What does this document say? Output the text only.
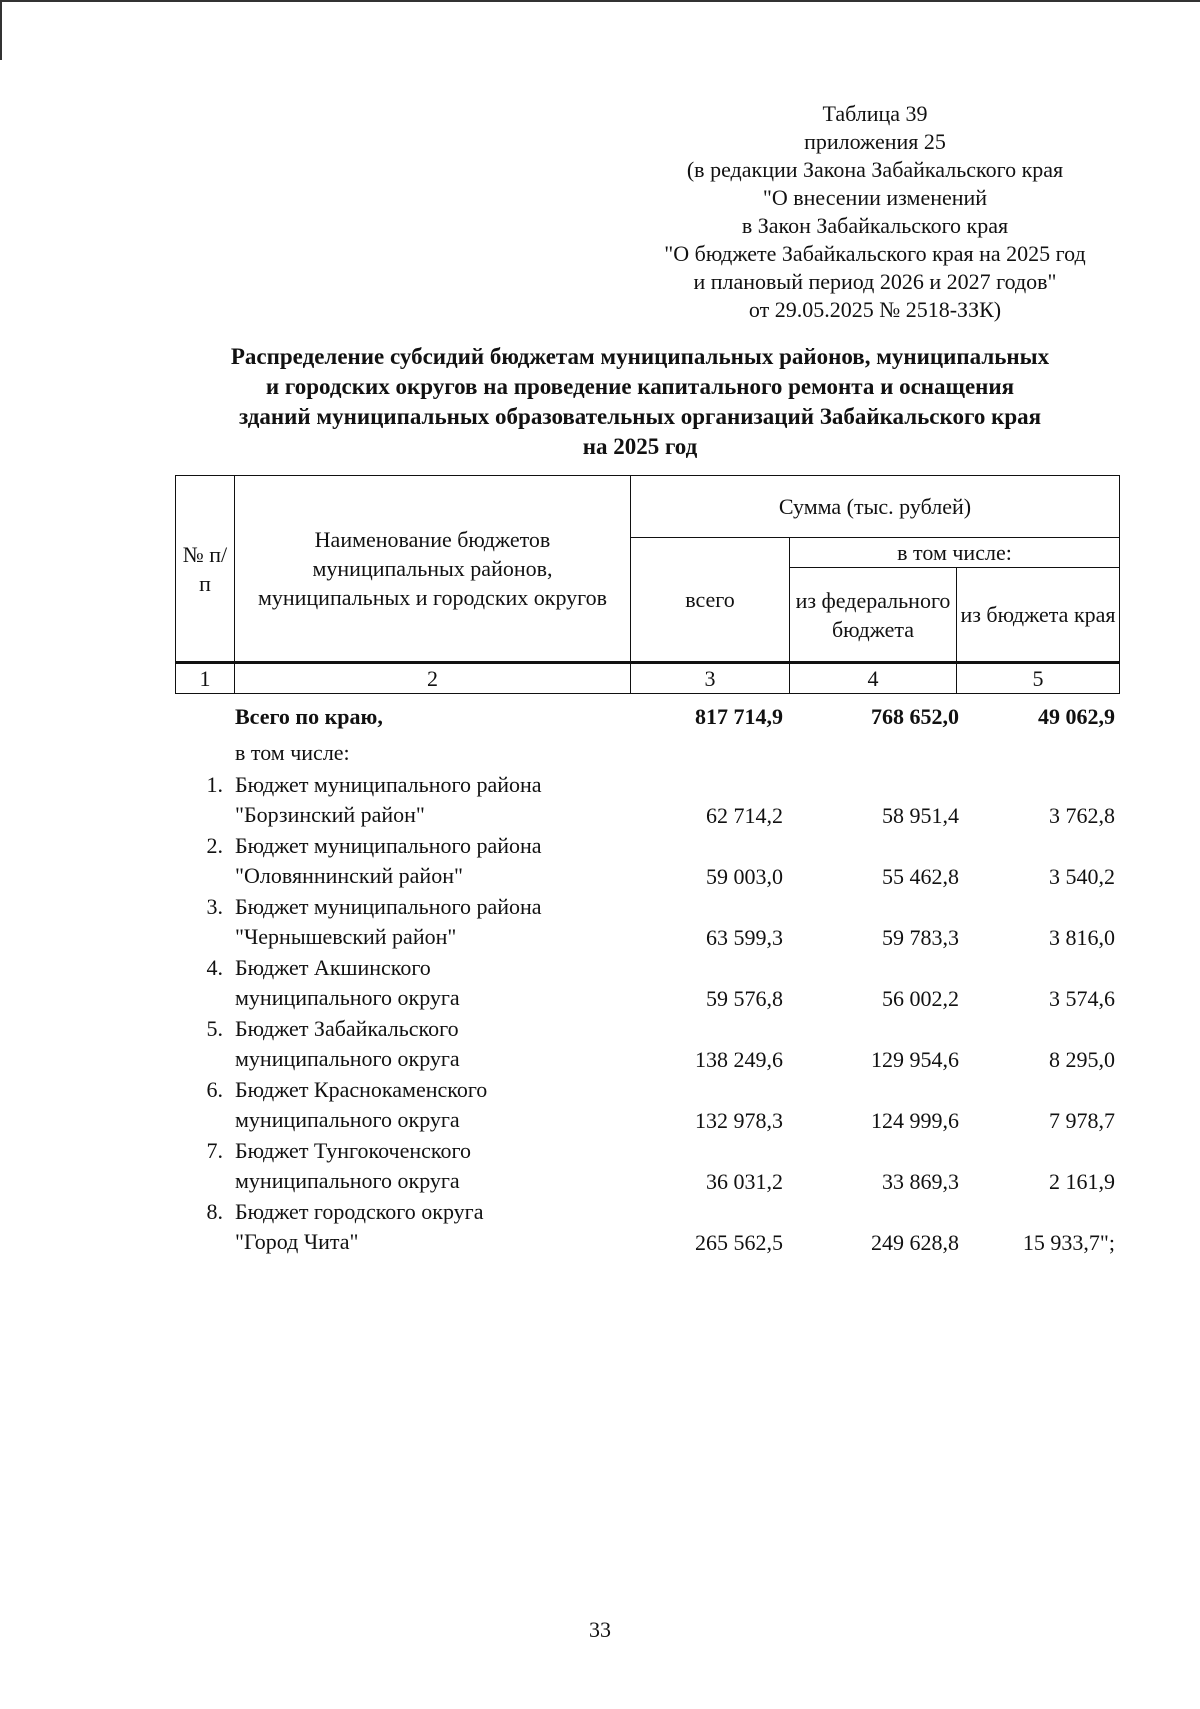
Таблица 39
приложения 25
(в редакции Закона Забайкальского края
"О внесении изменений
в Закон Забайкальского края
"О бюджете Забайкальского края на 2025 год
и плановый период 2026 и 2027 годов"
от 29.05.2025 № 2518-ЗЗК)
Распределение субсидий бюджетам муниципальных районов, муниципальных
и городских округов на проведение капитального ремонта и оснащения
зданий муниципальных образовательных организаций Забайкальского края
на 2025 год
№ п/п	Наименование бюджетов муниципальных районов, муниципальных и городских округов	Сумма (тыс. рублей)		
		всего	в том числе:	
			из федерального бюджета	из бюджета края
1	2	3	4	5
Всего по краю,	817 714,9	768 652,0	49 062,9
в том числе:
1. Бюджет муниципального района
"Борзинский район"	62 714,2	58 951,4	3 762,8
2. Бюджет муниципального района
"Оловяннинский район"	59 003,0	55 462,8	3 540,2
3. Бюджет муниципального района
"Чернышевский район"	63 599,3	59 783,3	3 816,0
4. Бюджет Акшинского
муниципального округа	59 576,8	56 002,2	3 574,6
5. Бюджет Забайкальского
муниципального округа	138 249,6	129 954,6	8 295,0
6. Бюджет Краснокаменского
муниципального округа	132 978,3	124 999,6	7 978,7
7. Бюджет Тунгокоченского
муниципального округа	36 031,2	33 869,3	2 161,9
8. Бюджет городского округа
"Город Чита"	265 562,5	249 628,8	15 933,7";
33
